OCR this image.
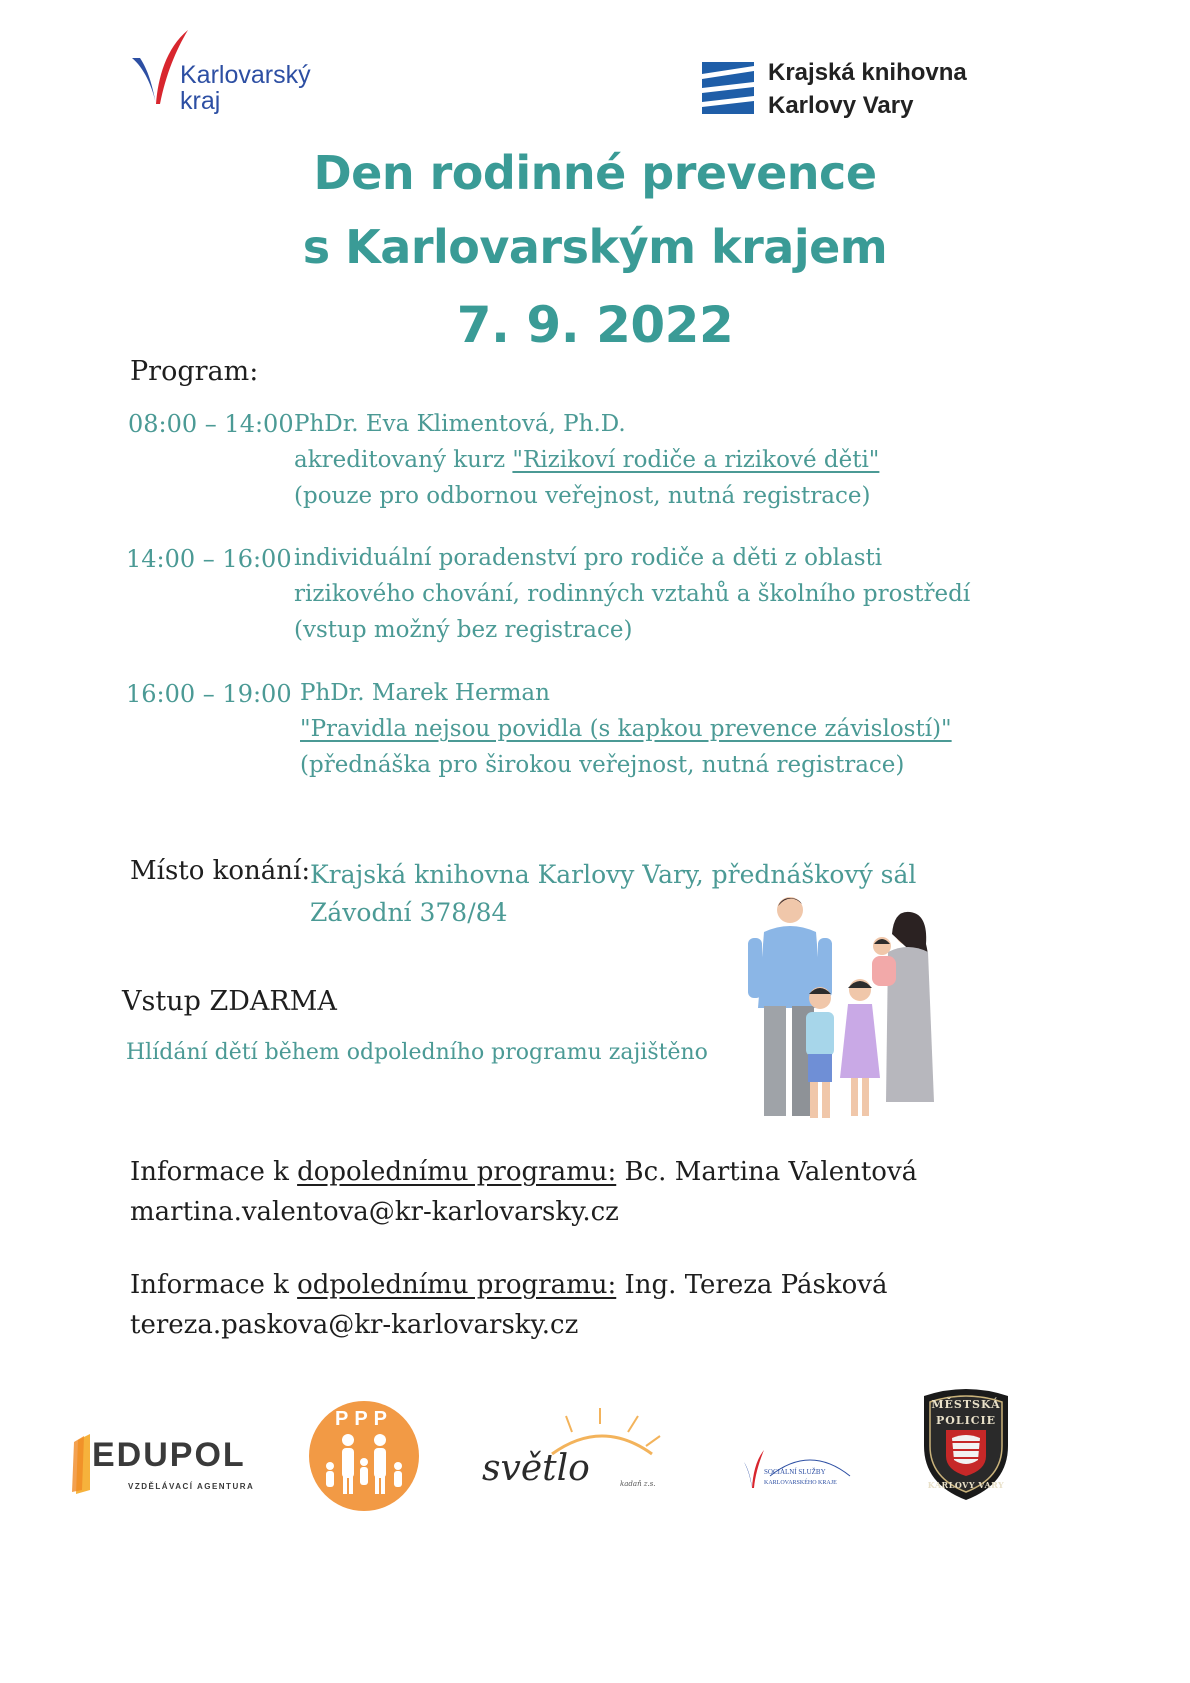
Karlovarský
kraj
Krajská knihovna
Karlovy Vary
Den rodinné prevence
s Karlovarským krajem
7. 9. 2022
Program:
08:00 – 14:00 PhDr. Eva Klimentová, Ph.D.
akreditovaný kurz "Rizikoví rodiče a rizikové děti"
(pouze pro odbornou veřejnost, nutná registrace)
14:00 – 16:00 individuální poradenství pro rodiče a děti z oblasti
rizikového chování, rodinných vztahů a školního prostředí
(vstup možný bez registrace)
16:00 – 19:00 PhDr. Marek Herman
"Pravidla nejsou povidla (s kapkou prevence závislostí)"
(přednáška pro širokou veřejnost, nutná registrace)
Místo konání: Krajská knihovna Karlovy Vary, přednáškový sál
Závodní 378/84
Vstup ZDARMA
Hlídání dětí během odpoledního programu zajištěno
Informace k dopolednímu programu: Bc. Martina Valentová
martina.valentova@kr-karlovarsky.cz
Informace k odpolednímu programu: Ing. Tereza Pásková
tereza.paskova@kr-karlovarsky.cz
EDUPOL
VZDĚLÁVACÍ AGENTURA
PPP
světlo	kadaň z.s.
SOCIÁLNÍ SLUŽBY
KARLOVARSKÉHO KRAJE
MĚSTSKÁ
POLICIE
KARLOVY VARY
